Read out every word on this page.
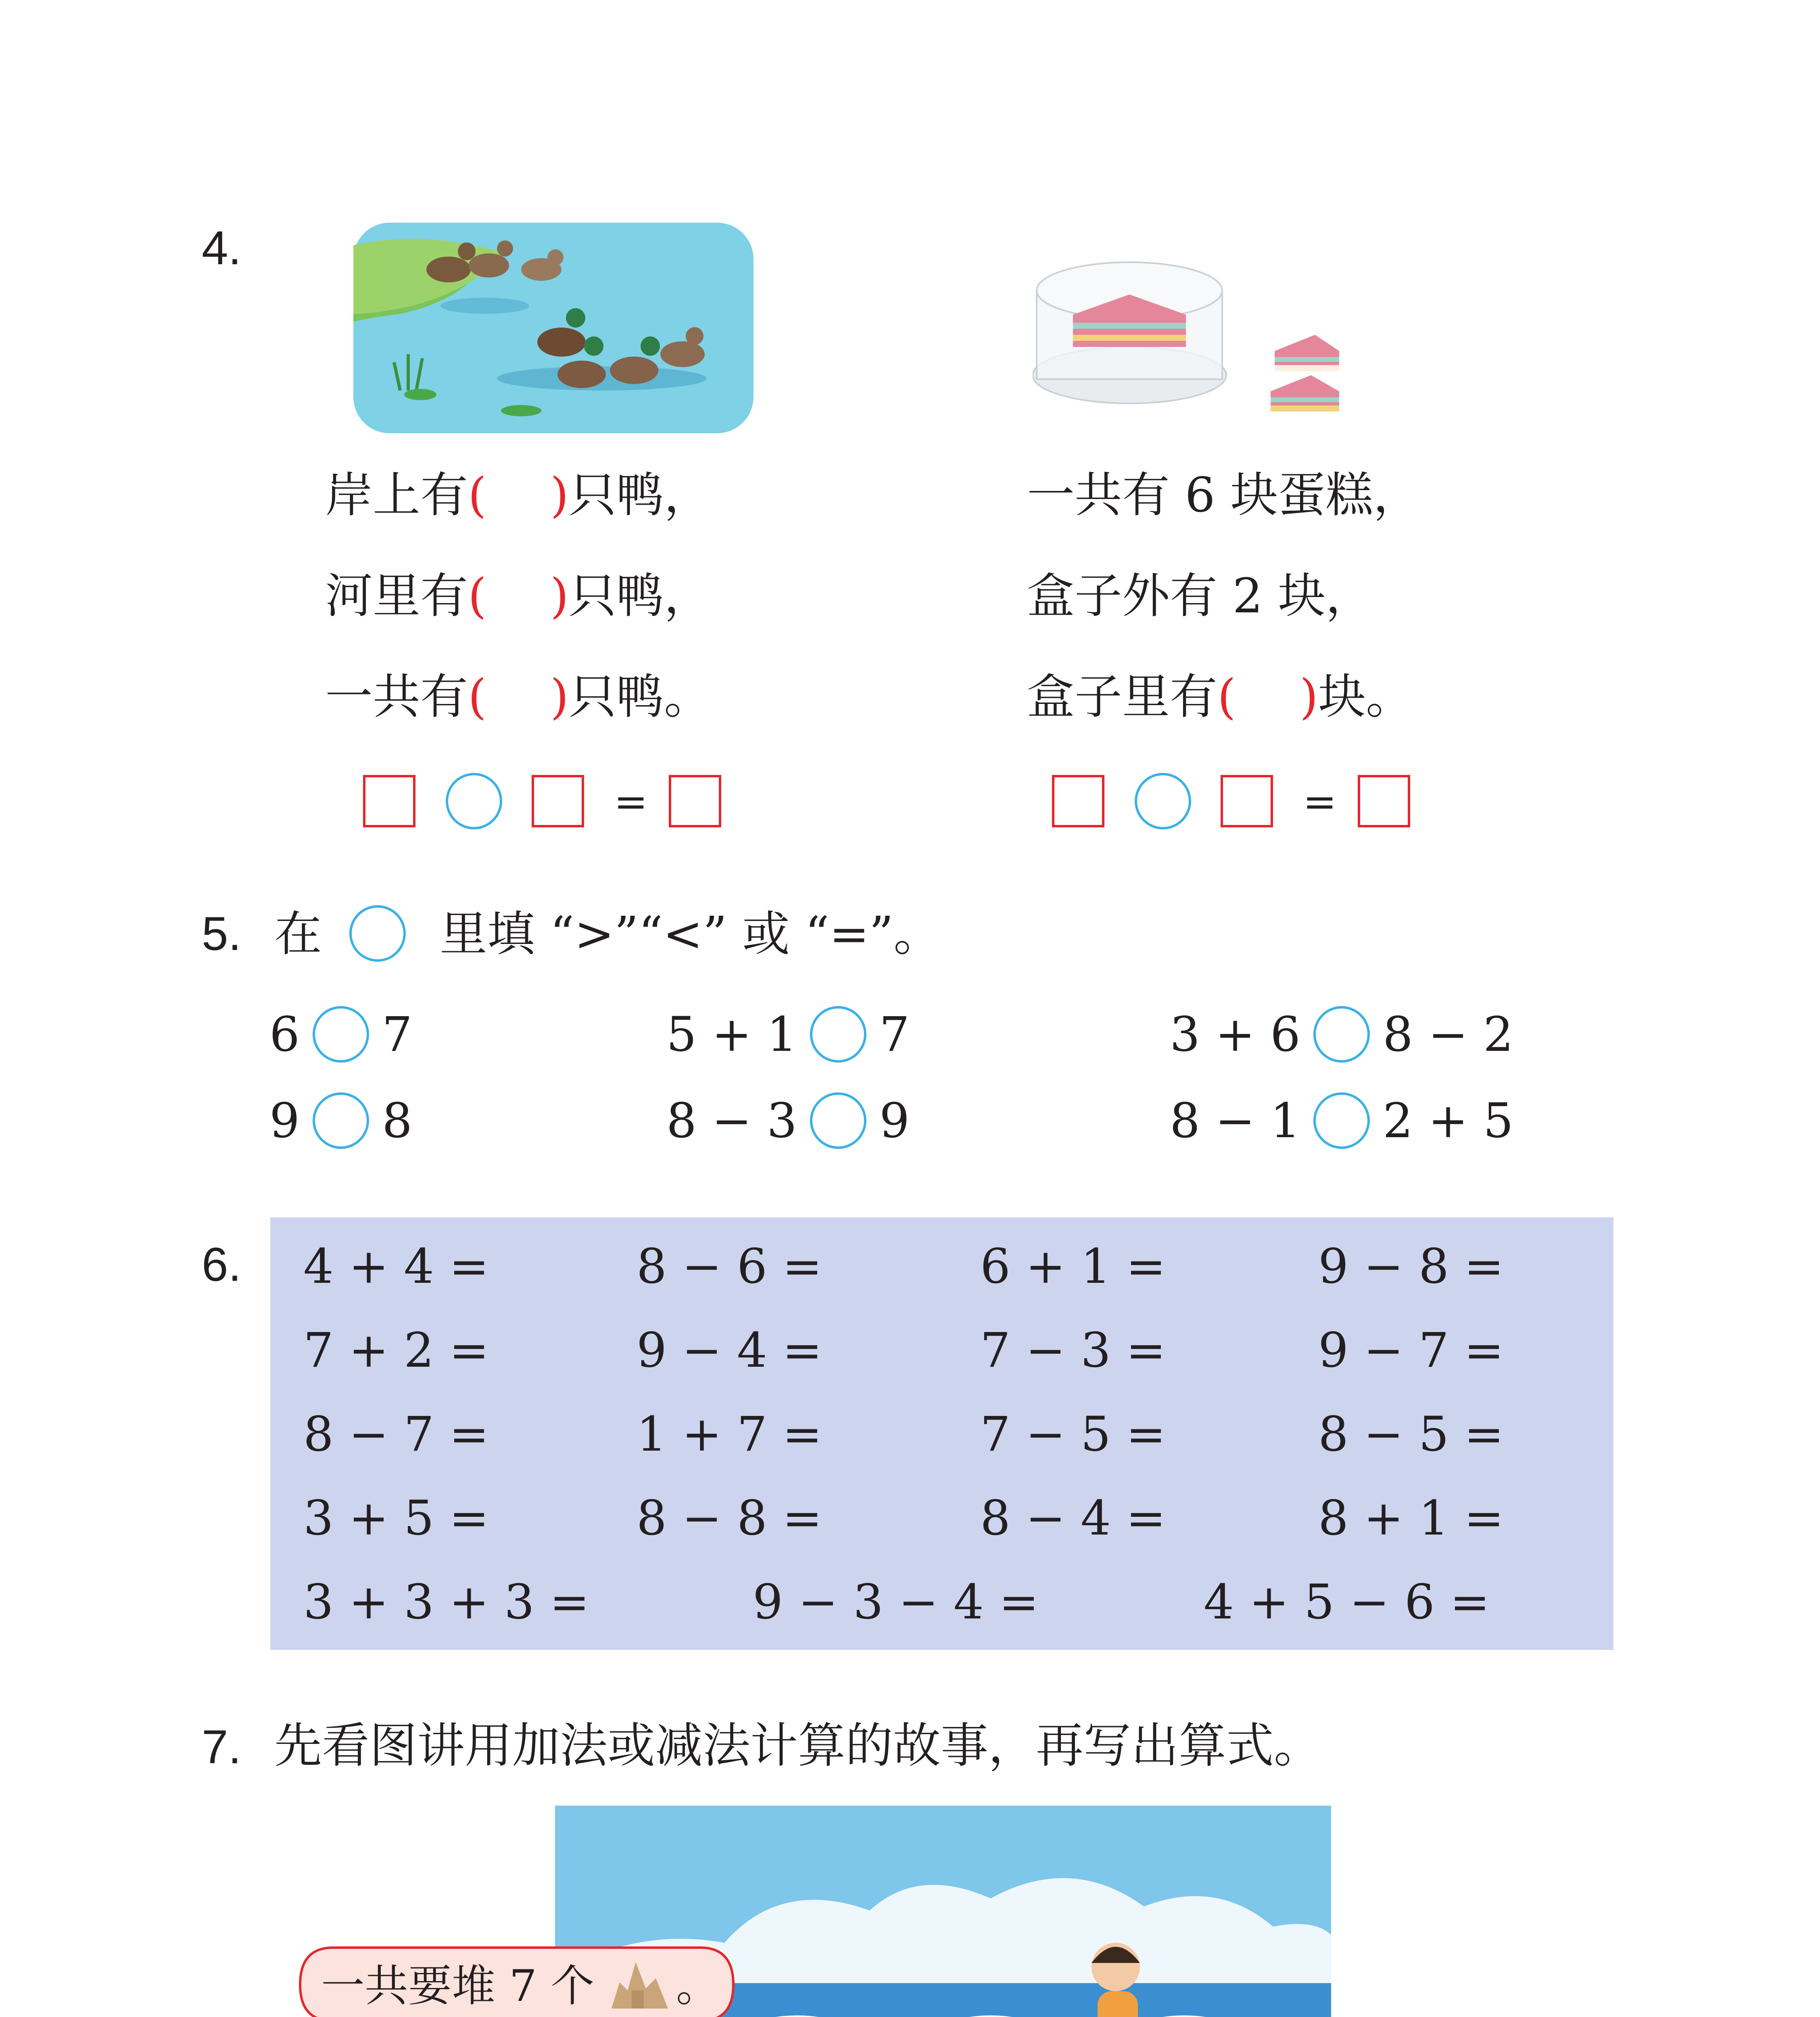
4.
岸上有( ) 只鸭，
河里有( ) 只鸭，
一共有( ) 只鸭。
一共有 6 块蛋糕，
盒子外有 2 块，
盒子里有( ) 块。
=	=
5. 在 里填 “>”“<” 或 “=”。
6 7	5 + 1 7	3 + 6 8 − 2
9 8	8 − 3 9	8 − 1 2 + 5
6. 4 + 4 =	8 − 6 =	6 + 1 =	9 − 8 =
7 + 2 =	9 − 4 =	7 − 3 =	9 − 7 =
8 − 7 =	1 + 7 =	7 − 5 =	8 − 5 =
3 + 5 =	8 − 8 =	8 − 4 =	8 + 1 =
3 + 3 + 3 =	9 − 3 − 4 =	4 + 5 − 6 =
7. 先看图讲用加法或减法计算的故事，再写出算式。
一共要堆 7 个 。
